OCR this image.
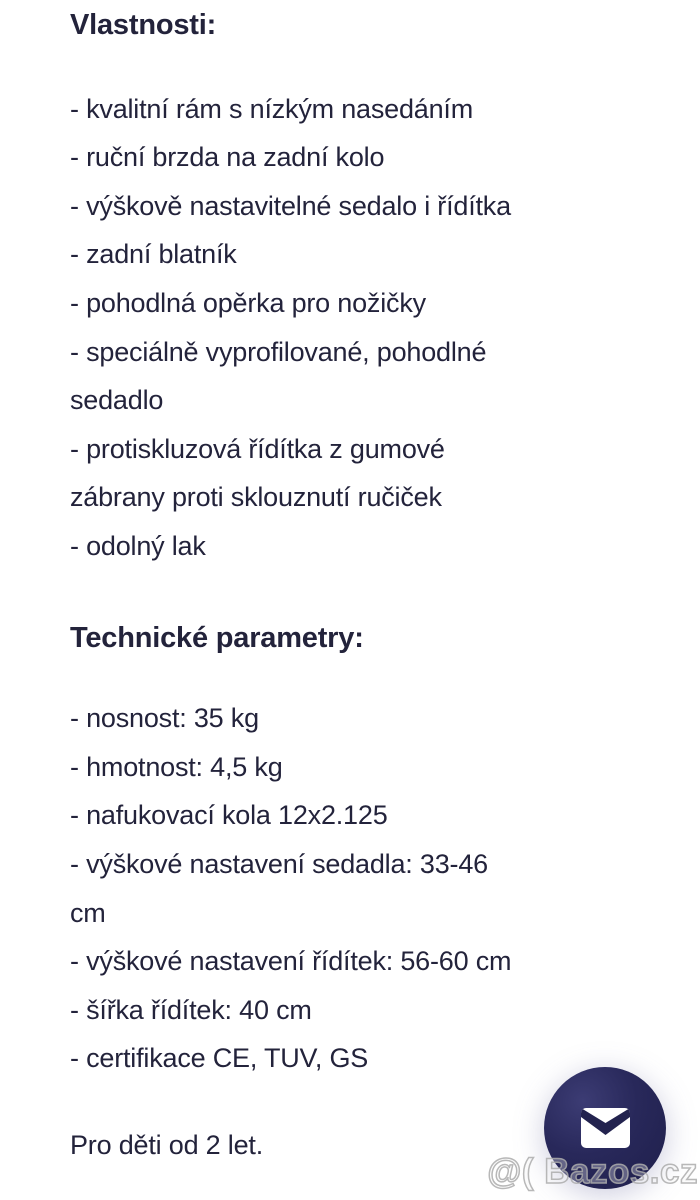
Vlastnosti:
- kvalitní rám s nízkým nasedáním
- ruční brzda na zadní kolo
- výškově nastavitelné sedalo i řídítka
- zadní blatník
- pohodlná opěrka pro nožičky
- speciálně vyprofilované, pohodlné
sedadlo
- protiskluzová řídítka z gumové
zábrany proti sklouznutí ručiček
- odolný lak
Technické parametry:
- nosnost: 35 kg
- hmotnost: 4,5 kg
- nafukovací kola 12x2.125
- výškové nastavení sedadla: 33-46
cm
- výškové nastavení řídítek: 56-60 cm
- šířka řídítek: 40 cm
- certifikace CE, TUV, GS
Pro děti od 2 let.
@( Bazos.cz
